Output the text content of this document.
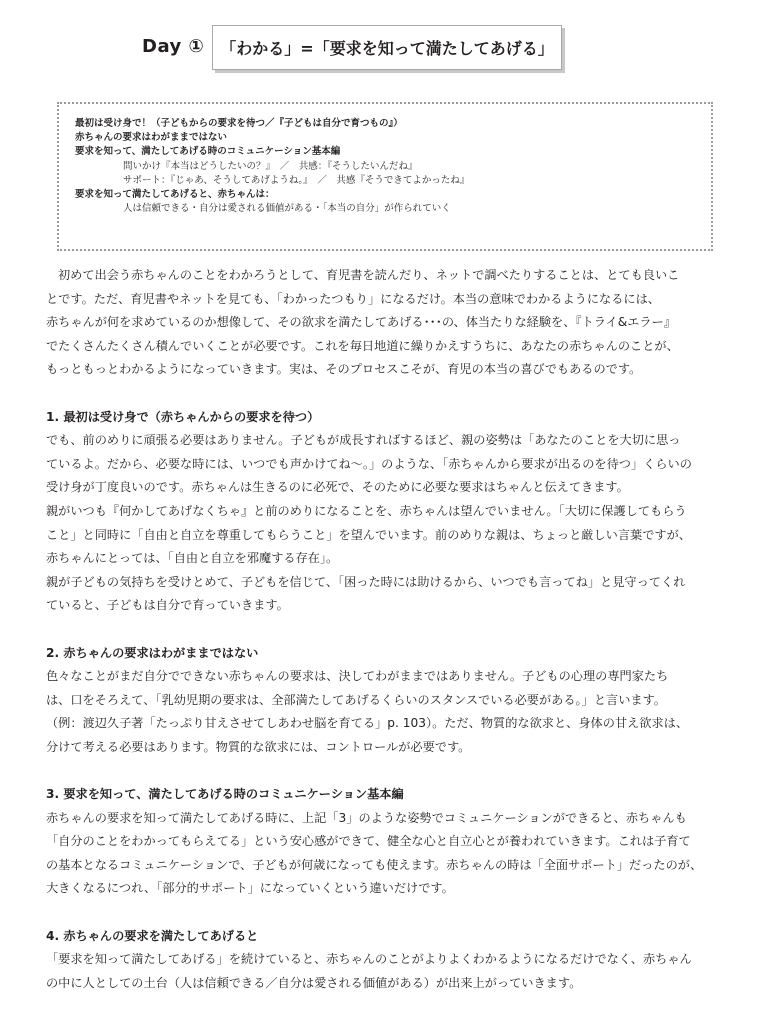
Day ① 「わかる」=「要求を知って満たしてあげる」
最初は受け身で！（子どもからの要求を待つ／『子どもは自分で育つもの』）
赤ちゃんの要求はわがままではない
要求を知って、満たしてあげる時のコミュニケーション基本編
問いかけ『本当はどうしたいの？』　／　共感：『そうしたいんだね』
サポート：『じゃあ、そうしてあげようね。』　／　共感『そうできてよかったね』
要求を知って満たしてあげると、赤ちゃんは：
人は信頼できる・自分は愛される価値がある・「本当の自分」が作られていく
初めて出会う赤ちゃんのことをわかろうとして、育児書を読んだり、ネットで調べたりすることは、とても良いこ
とです。ただ、育児書やネットを見ても、「わかったつもり」になるだけ。本当の意味でわかるようになるには、
赤ちゃんが何を求めているのか想像して、その欲求を満たしてあげる･･･の、体当たりな経験を、『トライ&エラー』
でたくさんたくさん積んでいくことが必要です。これを毎日地道に繰りかえすうちに、あなたの赤ちゃんのことが、
もっともっとわかるようになっていきます。実は、そのプロセスこそが、育児の本当の喜びでもあるのです。
1. 最初は受け身で（赤ちゃんからの要求を待つ）
でも、前のめりに頑張る必要はありません。子どもが成長すればするほど、親の姿勢は「あなたのことを大切に思っ
ているよ。だから、必要な時には、いつでも声かけてね〜。」のような、「赤ちゃんから要求が出るのを待つ」くらいの
受け身が丁度良いのです。赤ちゃんは生きるのに必死で、そのために必要な要求はちゃんと伝えてきます。
親がいつも『何かしてあげなくちゃ』と前のめりになることを、赤ちゃんは望んでいません。「大切に保護してもらう
こと」と同時に「自由と自立を尊重してもらうこと」を望んでいます。前のめりな親は、ちょっと厳しい言葉ですが、
赤ちゃんにとっては、「自由と自立を邪魔する存在」。
親が子どもの気持ちを受けとめて、子どもを信じて、「困った時には助けるから、いつでも言ってね」と見守ってくれ
ていると、子どもは自分で育っていきます。
2. 赤ちゃんの要求はわがままではない
色々なことがまだ自分でできない赤ちゃんの要求は、決してわがままではありません。子どもの心理の専門家たち
は、口をそろえて、「乳幼児期の要求は、全部満たしてあげるくらいのスタンスでいる必要がある。」と言います。
（例：渡辺久子著「たっぷり甘えさせてしあわせ脳を育てる」p. 103）。ただ、物質的な欲求と、身体の甘え欲求は、
分けて考える必要はあります。物質的な欲求には、コントロールが必要です。
3. 要求を知って、満たしてあげる時のコミュニケーション基本編
赤ちゃんの要求を知って満たしてあげる時に、上記「3」のような姿勢でコミュニケーションができると、赤ちゃんも
「自分のことをわかってもらえてる」という安心感ができて、健全な心と自立心とが養われていきます。これは子育て
の基本となるコミュニケーションで、子どもが何歳になっても使えます。赤ちゃんの時は「全面サポート」だったのが、
大きくなるにつれ、「部分的サポート」になっていくという違いだけです。
4. 赤ちゃんの要求を満たしてあげると
「要求を知って満たしてあげる」を続けていると、赤ちゃんのことがよりよくわかるようになるだけでなく、赤ちゃん
の中に人としての土台（人は信頼できる／自分は愛される価値がある）が出来上がっていきます。
